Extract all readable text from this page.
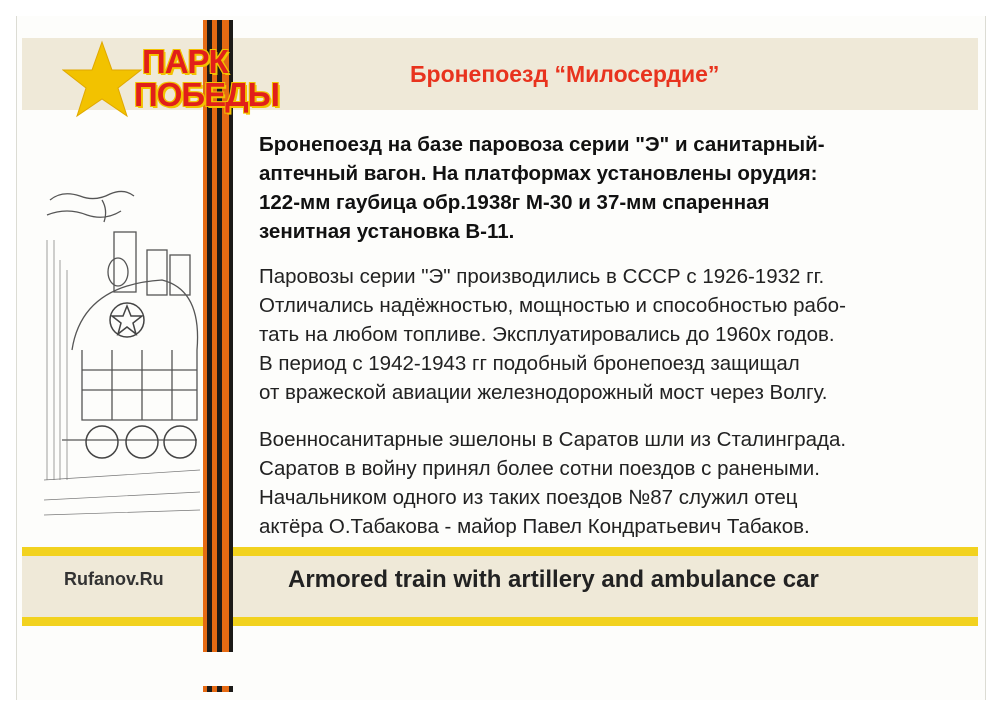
ПАРК
ПОБЕДЫ
Бронепоезд “Милосердие”
Бронепоезд на базе паровоза серии "Э" и санитарный-
аптечный вагон. На платформах установлены орудия:
122-мм гаубица обр.1938г М-30 и 37-мм спаренная
зенитная установка В-11.
Паровозы серии "Э" производились в СССР с 1926-1932 гг.
Отличались надёжностью, мощностью и способностью рабо-
тать на любом топливе. Эксплуатировались до 1960х годов.
В период с 1942-1943 гг подобный бронепоезд защищал
от вражеской авиации железнодорожный мост через Волгу.
Военносанитарные эшелоны в Саратов шли из Сталинграда.
Саратов в войну принял более сотни поездов с ранеными.
Начальником одного из таких поездов №87 служил отец
актёра О.Табакова - майор Павел Кондратьевич Табаков.
Rufanov.Ru	Armored train with artillery and ambulance car
